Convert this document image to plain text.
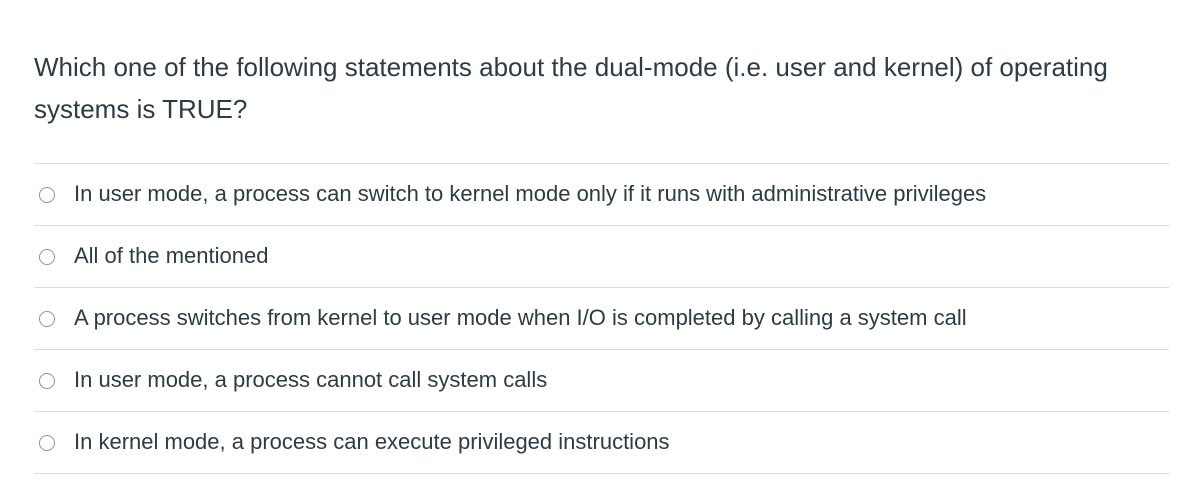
Which one of the following statements about the dual-mode (i.e. user and kernel) of operating systems is TRUE?

In user mode, a process can switch to kernel mode only if it runs with administrative privileges
All of the mentioned
A process switches from kernel to user mode when I/O is completed by calling a system call
In user mode, a process cannot call system calls
In kernel mode, a process can execute privileged instructions
